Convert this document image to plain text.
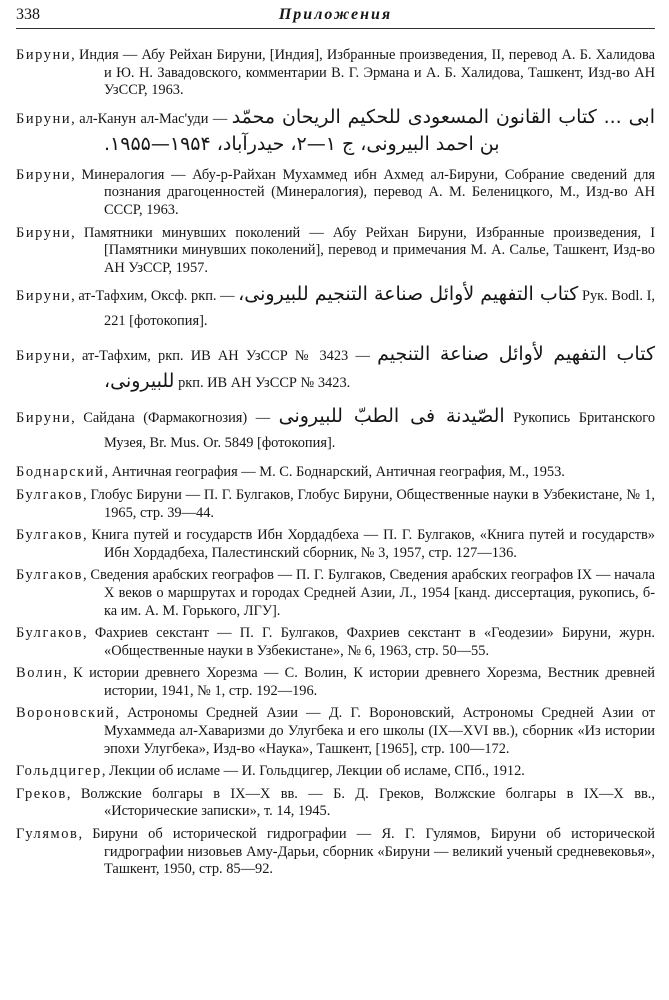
338	Приложения

Бируни, Индия — Абу Рейхан Бируни, [Индия], Избранные произведения, II, перевод А. Б. Халидова и Ю. Н. Завадовского, комментарии В. Г. Эрмана и А. Б. Халидова, Ташкент, Изд-во АН УзССР, 1963.

Бируни, ал-Канун ал-Мас'уди — ابی ... کتاب القانون المسعودی للحکیم الریحان محمّد بن احمد البیرونی، ج ۱—۲، حیدرآباد، ۱۹۵۴—۱۹۵۵.

Бируни, Минералогия — Абу-р-Райхан Мухаммед ибн Ахмед ал-Бируни, Собрание сведений для познания драгоценностей (Минералогия), перевод А. М. Беленицкого, М., Изд-во АН СССР, 1963.

Бируни, Памятники минувших поколений — Абу Рейхан Бируни, Избранные произведения, I [Памятники минувших поколений], перевод и примечания М. А. Салье, Ташкент, Изд-во АН УзССР, 1957.

Бируни, ат-Тафхим, Оксф. ркп. — کتاب التفهیم لأوائل صناعة التنجیم للبیرونی، Рук. Bodl. I, 221 [фотокопия].

Бируни, ат-Тафхим, ркп. ИВ АН УзССР № 3423 — کتاب التفهیم لأوائل صناعة التنجیم للبیرونی، ркп. ИВ АН УзССР № 3423.

Бируни, Сайдана (Фармакогнозия) — الصّیدنة فی الطبّ للبیرونی Рукопись Британского Музея, Br. Mus. Or. 5849 [фотокопия].

Боднарский, Античная география — М. С. Боднарский, Античная география, М., 1953.

Булгаков, Глобус Бируни — П. Г. Булгаков, Глобус Бируни, Общественные науки в Узбекистане, № 1, 1965, стр. 39—44.

Булгаков, Книга путей и государств Ибн Хордадбеха — П. Г. Булгаков, «Книга путей и государств» Ибн Хордадбеха, Палестинский сборник, № 3, 1957, стр. 127—136.

Булгаков, Сведения арабских географов — П. Г. Булгаков, Сведения арабских географов IX — начала X веков о маршрутах и городах Средней Азии, Л., 1954 [канд. диссертация, рукопись, б-ка им. А. М. Горького, ЛГУ].

Булгаков, Фахриев секстант — П. Г. Булгаков, Фахриев секстант в «Геодезии» Бируни, журн. «Общественные науки в Узбекистане», № 6, 1963, стр. 50—55.

Волин, К истории древнего Хорезма — С. Волин, К истории древнего Хорезма, Вестник древней истории, 1941, № 1, стр. 192—196.

Вороновский, Астрономы Средней Азии — Д. Г. Вороновский, Астрономы Средней Азии от Мухаммеда ал-Хаваризми до Улугбека и его школы (IX—XVI вв.), сборник «Из истории эпохи Улугбека», Изд-во «Наука», Ташкент, [1965], стр. 100—172.

Гольдцигер, Лекции об исламе — И. Гольдцигер, Лекции об исламе, СПб., 1912.

Греков, Волжские болгары в IX—X вв. — Б. Д. Греков, Волжские болгары в IX—X вв., «Исторические записки», т. 14, 1945.

Гулямов, Бируни об исторической гидрографии — Я. Г. Гулямов, Бируни об исторической гидрографии низовьев Аму-Дарьи, сборник «Бируни — великий ученый средневековья», Ташкент, 1950, стр. 85—92.
